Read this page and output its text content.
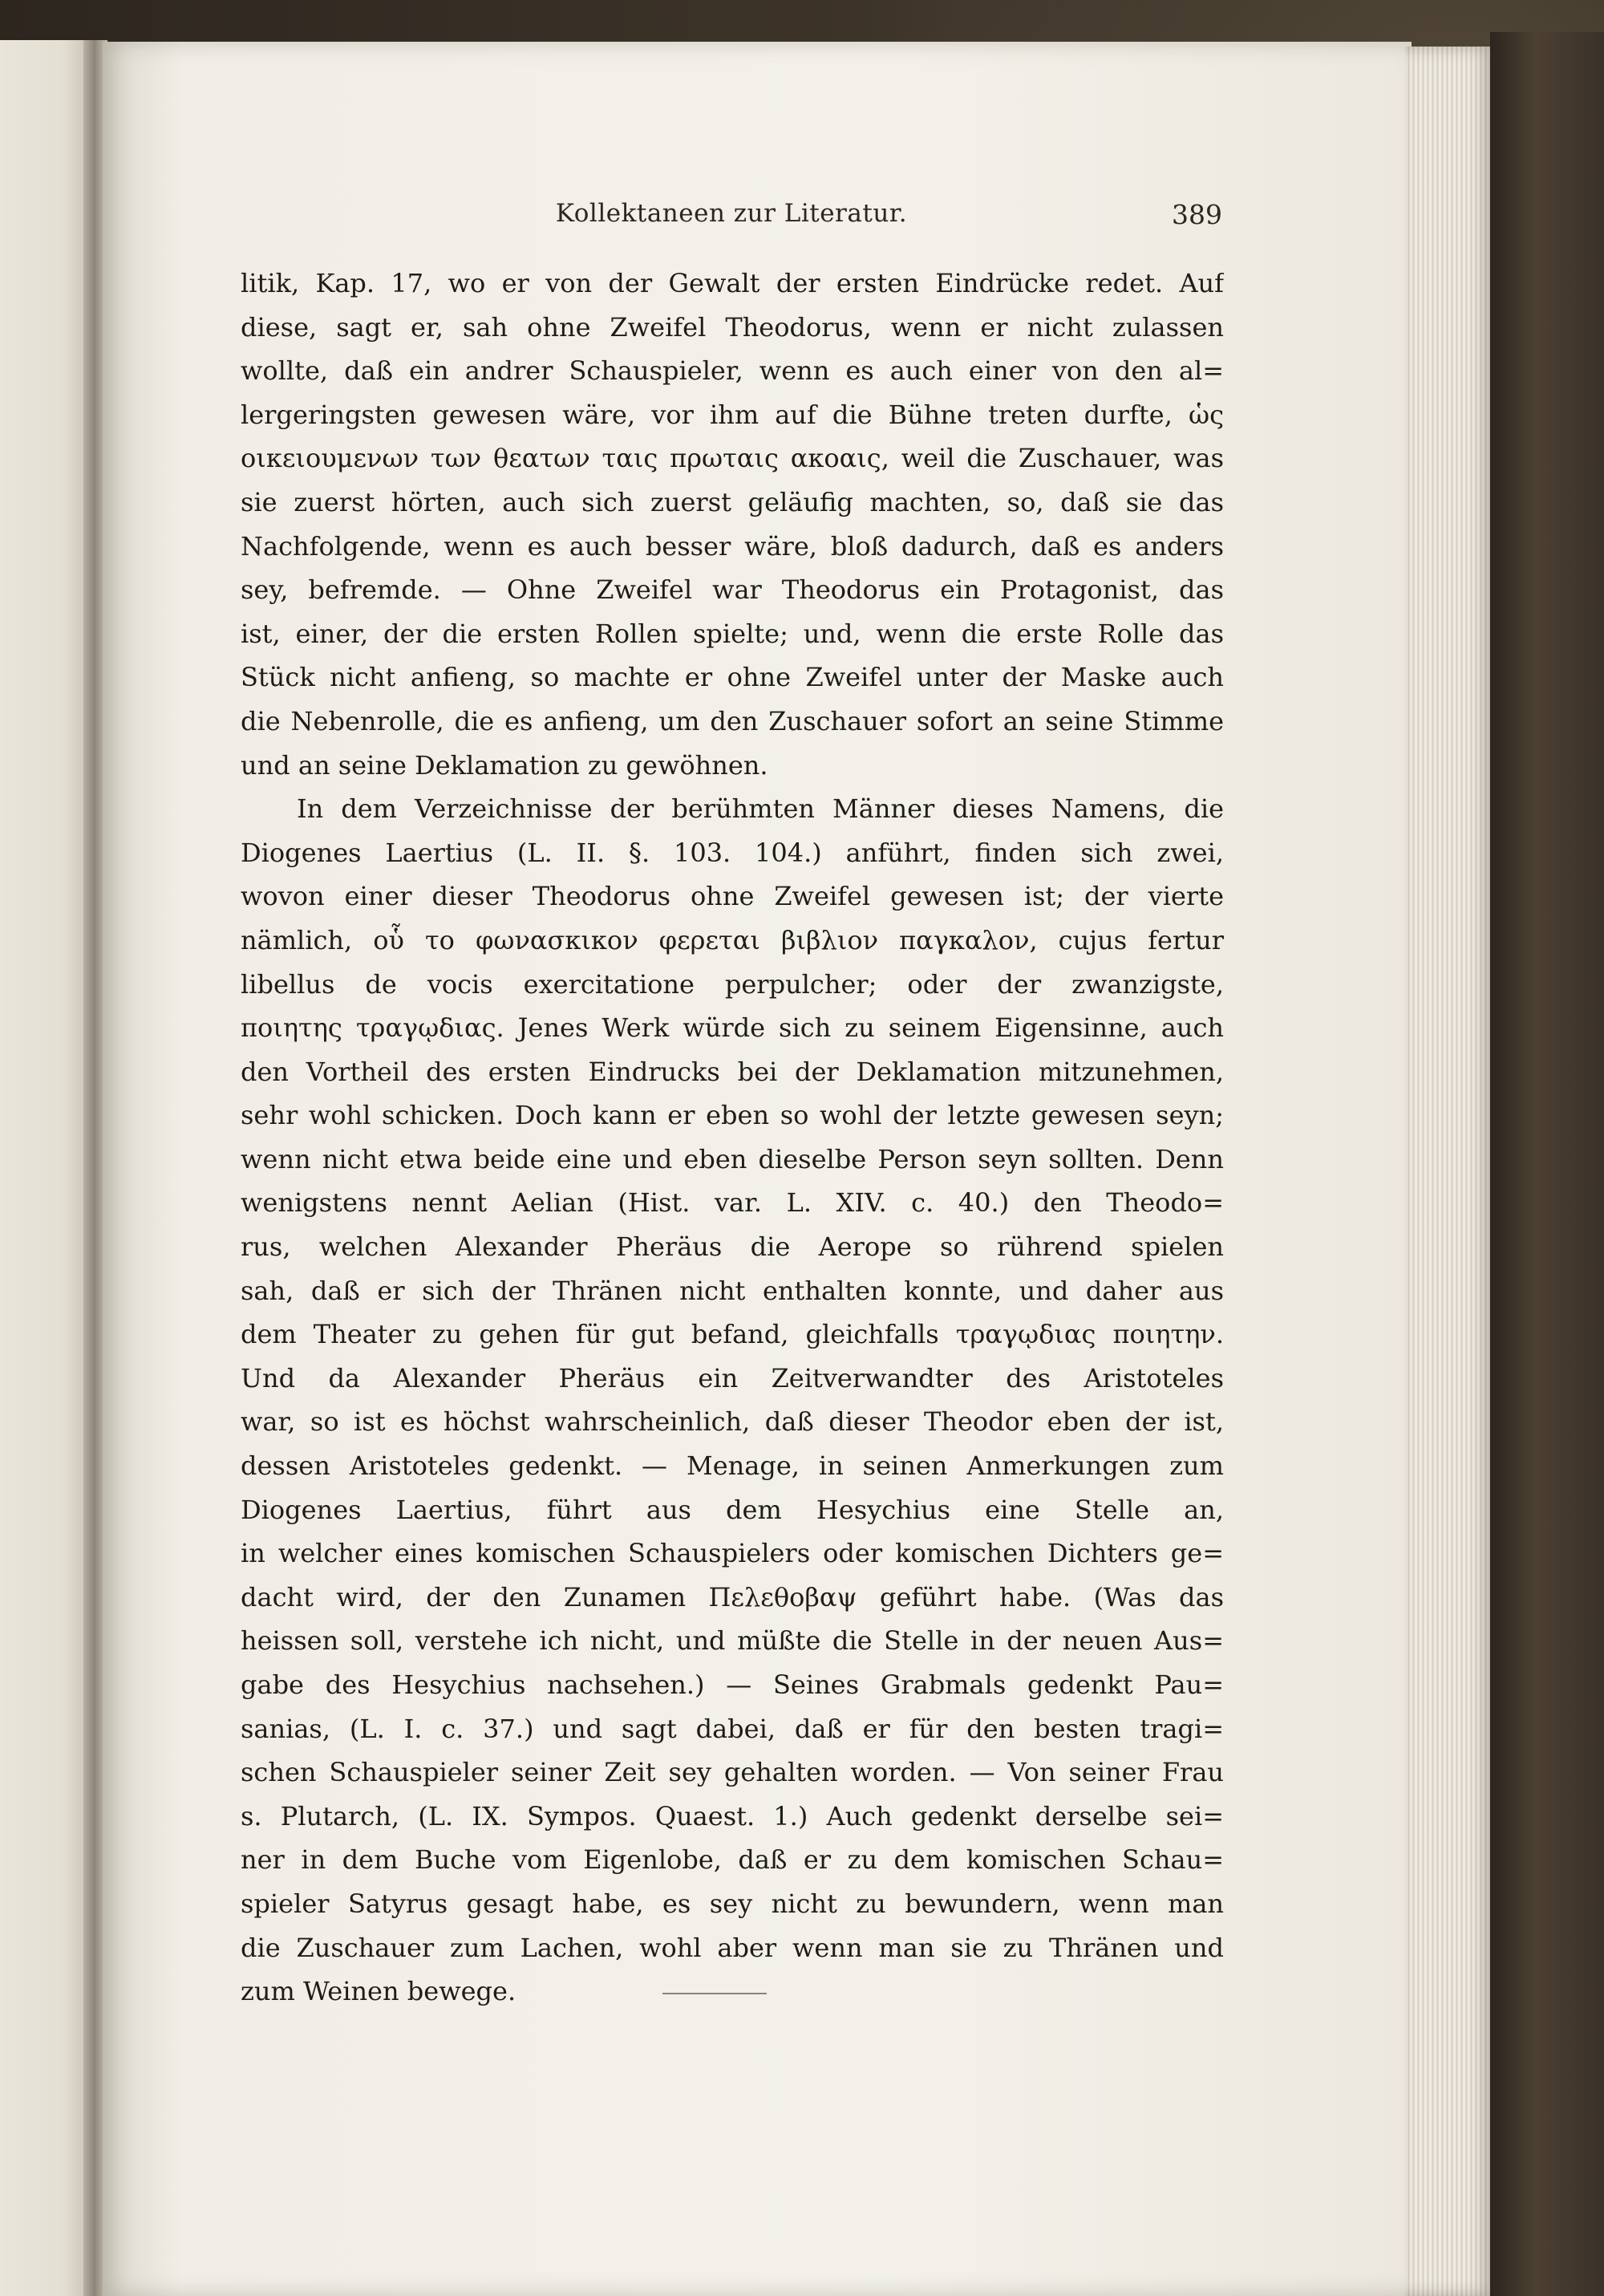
Kollektaneen zur Literatur.	389
litik, Kap. 17, wo er von der Gewalt der ersten Eindrücke redet. Auf
diese, sagt er, sah ohne Zweifel Theodorus, wenn er nicht zulassen
wollte, daß ein andrer Schauspieler, wenn es auch einer von den al=
lergeringsten gewesen wäre, vor ihm auf die Bühne treten durfte, ὡς
οικειουμενων των θεατων ταις πρωταις ακοαις, weil die Zuschauer, was
sie zuerst hörten, auch sich zuerst geläufig machten, so, daß sie das
Nachfolgende, wenn es auch besser wäre, bloß dadurch, daß es anders
sey, befremde. — Ohne Zweifel war Theodorus ein Protagonist, das
ist, einer, der die ersten Rollen spielte; und, wenn die erste Rolle das
Stück nicht anfieng, so machte er ohne Zweifel unter der Maske auch
die Nebenrolle, die es anfieng, um den Zuschauer sofort an seine Stimme
und an seine Deklamation zu gewöhnen.
In dem Verzeichnisse der berühmten Männer dieses Namens, die
Diogenes Laertius (L. II. §. 103. 104.) anführt, finden sich zwei,
wovon einer dieser Theodorus ohne Zweifel gewesen ist; der vierte
nämlich, οὗ το φωνασκικον φερεται βιβλιον παγκαλον, cujus fertur
libellus de vocis exercitatione perpulcher; oder der zwanzigste,
ποιητης τραγῳδιας. Jenes Werk würde sich zu seinem Eigensinne, auch
den Vortheil des ersten Eindrucks bei der Deklamation mitzunehmen,
sehr wohl schicken. Doch kann er eben so wohl der letzte gewesen seyn;
wenn nicht etwa beide eine und eben dieselbe Person seyn sollten. Denn
wenigstens nennt Aelian (Hist. var. L. XIV. c. 40.) den Theodo=
rus, welchen Alexander Pheräus die Aerope so rührend spielen
sah, daß er sich der Thränen nicht enthalten konnte, und daher aus
dem Theater zu gehen für gut befand, gleichfalls τραγῳδιας ποιητην.
Und da Alexander Pheräus ein Zeitverwandter des Aristoteles
war, so ist es höchst wahrscheinlich, daß dieser Theodor eben der ist,
dessen Aristoteles gedenkt. — Menage, in seinen Anmerkungen zum
Diogenes Laertius, führt aus dem Hesychius eine Stelle an,
in welcher eines komischen Schauspielers oder komischen Dichters ge=
dacht wird, der den Zunamen Πελεθοβαψ geführt habe. (Was das
heissen soll, verstehe ich nicht, und müßte die Stelle in der neuen Aus=
gabe des Hesychius nachsehen.) — Seines Grabmals gedenkt Pau=
sanias, (L. I. c. 37.) und sagt dabei, daß er für den besten tragi=
schen Schauspieler seiner Zeit sey gehalten worden. — Von seiner Frau
s. Plutarch, (L. IX. Sympos. Quaest. 1.) Auch gedenkt derselbe sei=
ner in dem Buche vom Eigenlobe, daß er zu dem komischen Schau=
spieler Satyrus gesagt habe, es sey nicht zu bewundern, wenn man
die Zuschauer zum Lachen, wohl aber wenn man sie zu Thränen und
zum Weinen bewege.
